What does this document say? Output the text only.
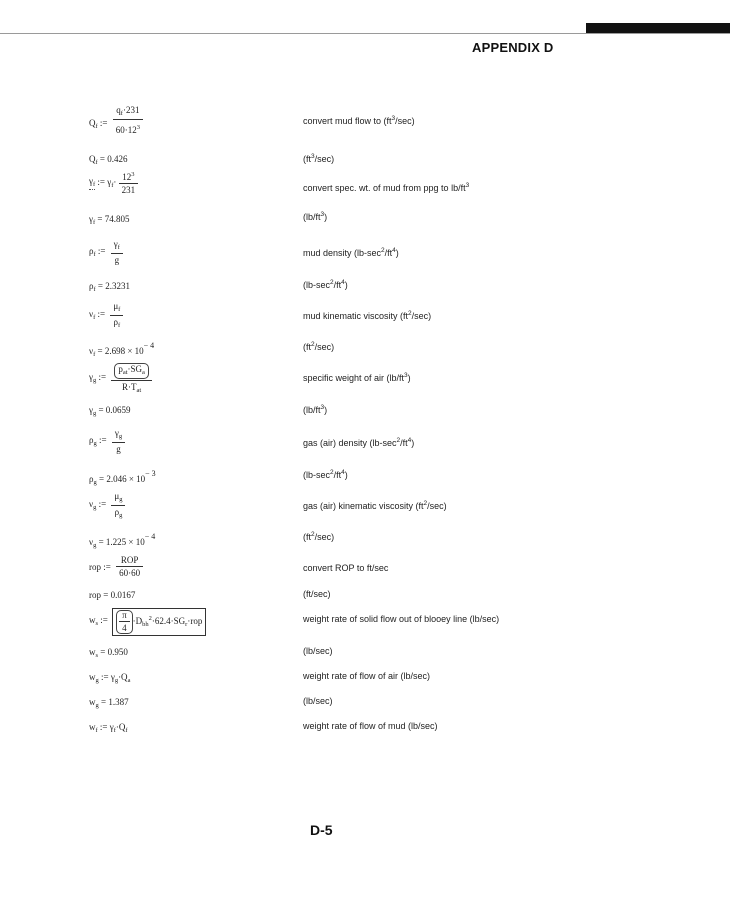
APPENDIX D
$Q_f$ := $\frac{q_f\cdot 231}{60\cdot 12^3}$	convert mud flow to $(ft^3/\sec)$
$Q_f = 0.426$	$(ft^3/\sec)$
$\gamma_f$ := $\gamma_f\cdot \frac{12^3}{231}$	convert spec. wt. of mud from ppg to $lb/ft^3$
$\gamma_f = 74.805$	$(lb/ft^3)$
$\rho_f$ := $\frac{\gamma_f}{g}$	mud density $(lb-\sec^2/ft^4)$
$\rho_f = 2.3231$	$(lb-\sec^2/ft^4)$
$\nu_f$ := $\frac{\mu_f}{\rho_f}$	mud kinematic viscosity $(ft^2/\sec)$
$\nu_f = 2.698 \times 10- 4$	$(ft^2/\sec)$
$\gamma_g$ := $\frac{p_{at}\cdot SG_a}{R\cdot T_{at}}$	specific weight of air $(lb/ft^3)$
$\gamma_g = 0.0659$	$(lb/ft^3)$
$\rho_g$ := $\frac{\gamma_g}{g}$	gas (air) density $(lb-\sec^2/ft^4)$
$\rho_g = 2.046 \times 10- 3$	$(lb-\sec^2/ft^4)$
$\nu_g$ := $\frac{\mu_g}{\rho_g}$	gas (air) kinematic viscosity $(ft^2/\sec)$
$\nu_g = 1.225 \times 10- 4$	$(ft^2/\sec)$
rop := $\frac{\text{ROP}}{60\cdot 60}$	convert ROP to ft/sec
rop = 0.0167	(ft/sec)
$w_s$ := $\frac{\pi}{4} \cdot D_{bh}^2\cdot 62.4\cdot SG_r\cdot rop$	weight rate of solid flow out of blooey line (lb/sec)
$w_s = 0.950$	(lb/sec)
$w_g$ := $\gamma_g\cdot Q_a$	weight rate of flow of air (lb/sec)
$w_g = 1.387$	(lb/sec)
$w_f$ := $\gamma_f\cdot Q_f$	weight rate of flow of mud (lb/sec)
D-5
